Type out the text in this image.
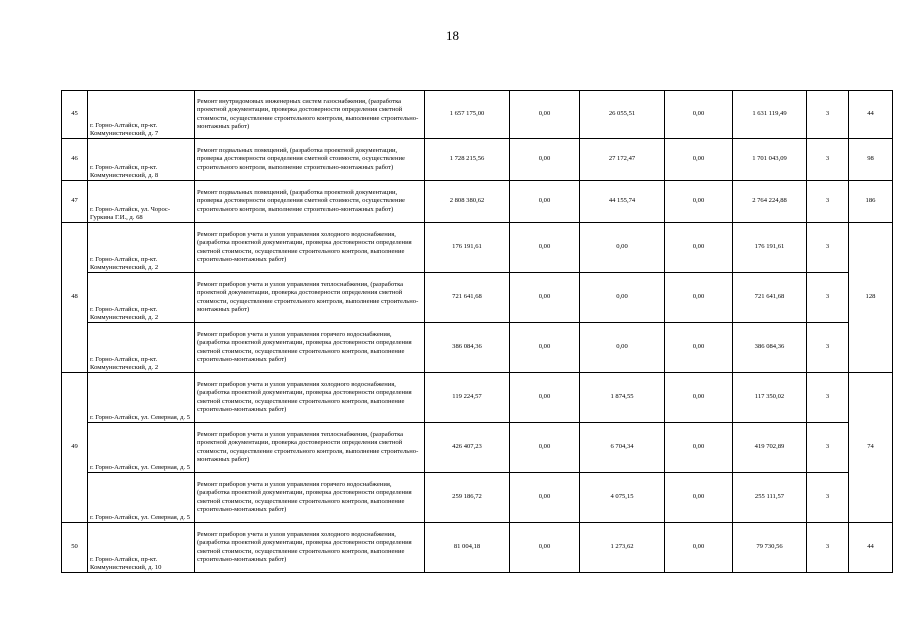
18
45	г. Горно-Алтайск, пр-кт. Коммунистический, д. 7	Ремонт внутридомовых инженерных систем газоснабжения, (разработка проектной документации, проверка достоверности определения сметной стоимости, осуществление строительного контроля, выполнение строительно-монтажных работ)	1 657 175,00	0,00	26 055,51	0,00	1 631 119,49	3	44
46	г. Горно-Алтайск, пр-кт. Коммунистический, д. 8	Ремонт подвальных помещений, (разработка проектной документации, проверка достоверности определения сметной стоимости, осуществление строительного контроля, выполнение строительно-монтажных работ)	1 728 215,56	0,00	27 172,47	0,00	1 701 043,09	3	98
47	г. Горно-Алтайск, ул. Чорос-Гуркина Г.И., д. 68	Ремонт подвальных помещений, (разработка проектной документации, проверка достоверности определения сметной стоимости, осуществление строительного контроля, выполнение строительно-монтажных работ)	2 808 380,62	0,00	44 155,74	0,00	2 764 224,88	3	186
48	г. Горно-Алтайск, пр-кт. Коммунистический, д. 2	Ремонт приборов учета и узлов управления холодного водоснабжения, (разработка проектной документации, проверка достоверности определения сметной стоимости, осуществление строительного контроля, выполнение строительно-монтажных работ)	176 191,61	0,00	0,00	0,00	176 191,61	3	128
	г. Горно-Алтайск, пр-кт. Коммунистический, д. 2	Ремонт приборов учета и узлов управления теплоснабжения, (разработка проектной документации, проверка достоверности определения сметной стоимости, осуществление строительного контроля, выполнение строительно-монтажных работ)	721 641,68	0,00	0,00	0,00	721 641,68	3	
	г. Горно-Алтайск, пр-кт. Коммунистический, д. 2	Ремонт приборов учета и узлов управления горячего водоснабжения, (разработка проектной документации, проверка достоверности определения сметной стоимости, осуществление строительного контроля, выполнение строительно-монтажных работ)	386 084,36	0,00	0,00	0,00	386 084,36	3	
49	г. Горно-Алтайск, ул. Северная, д. 5	Ремонт приборов учета и узлов управления холодного водоснабжения, (разработка проектной документации, проверка достоверности определения сметной стоимости, осуществление строительного контроля, выполнение строительно-монтажных работ)	119 224,57	0,00	1 874,55	0,00	117 350,02	3	74
	г. Горно-Алтайск, ул. Северная, д. 5	Ремонт приборов учета и узлов управления теплоснабжения, (разработка проектной документации, проверка достоверности определения сметной стоимости, осуществление строительного контроля, выполнение строительно-монтажных работ)	426 407,23	0,00	6 704,34	0,00	419 702,89	3	
	г. Горно-Алтайск, ул. Северная, д. 5	Ремонт приборов учета и узлов управления горячего водоснабжения, (разработка проектной документации, проверка достоверности определения сметной стоимости, осуществление строительного контроля, выполнение строительно-монтажных работ)	259 186,72	0,00	4 075,15	0,00	255 111,57	3	
50	г. Горно-Алтайск, пр-кт. Коммунистический, д. 10	Ремонт приборов учета и узлов управления холодного водоснабжения, (разработка проектной документации, проверка достоверности определения сметной стоимости, осуществление строительного контроля, выполнение строительно-монтажных работ)	81 004,18	0,00	1 273,62	0,00	79 730,56	3	44
